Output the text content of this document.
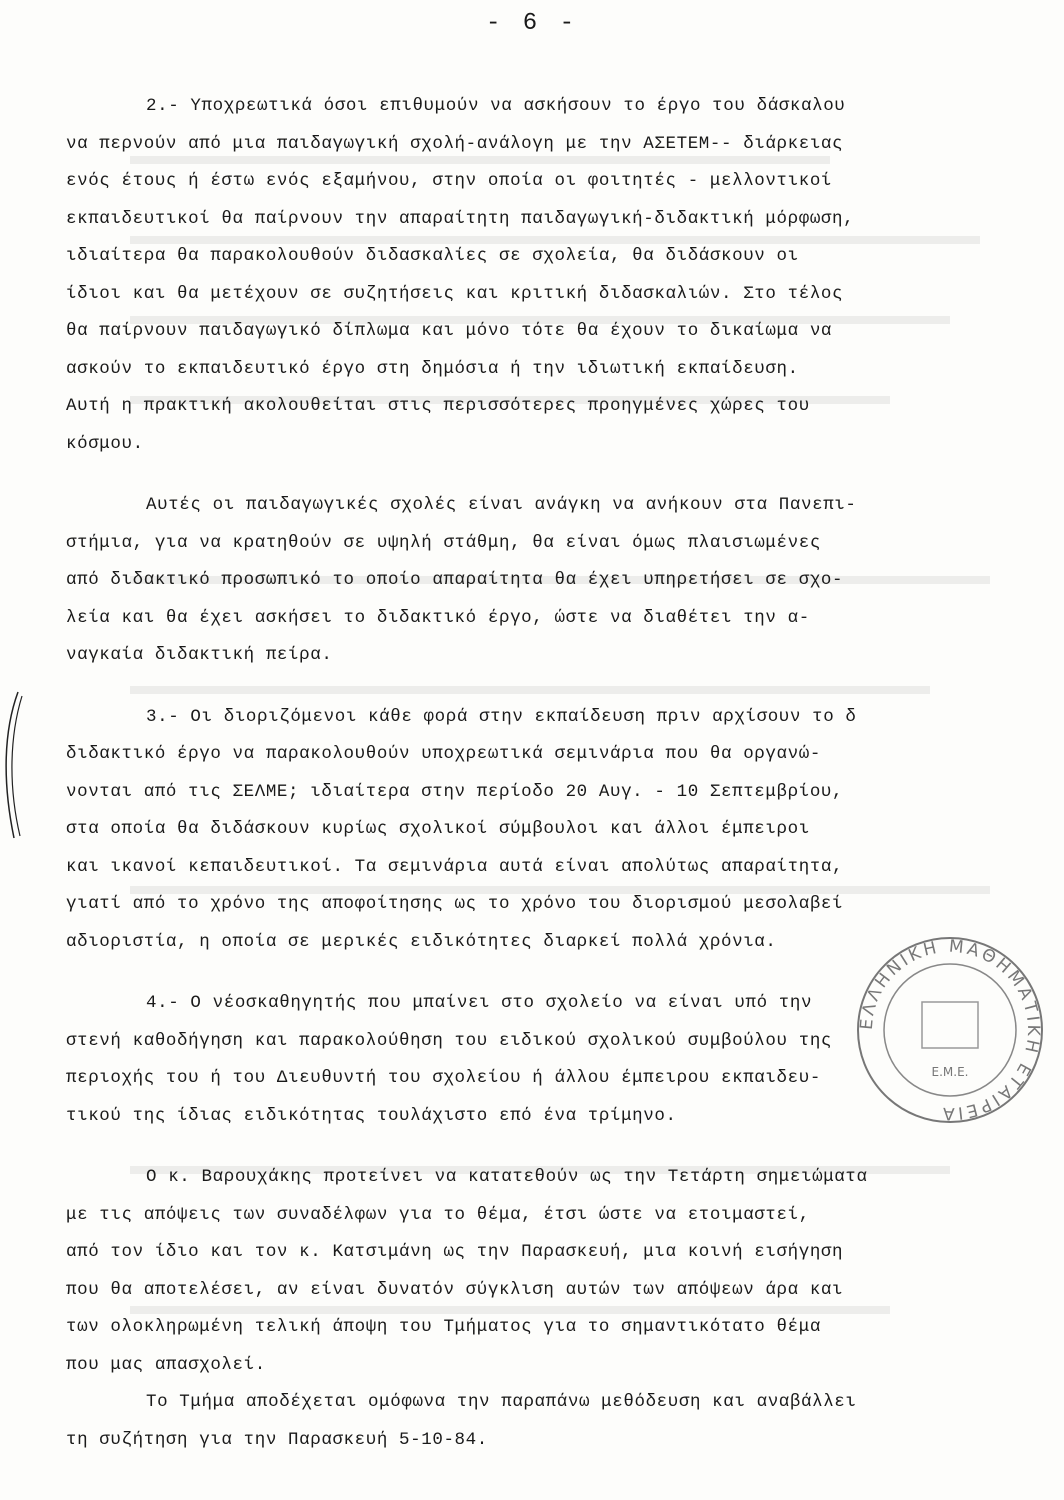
- 6 -

2.- Υποχρεωτικά όσοι επιθυμούν να ασκήσουν το έργο του δάσκαλου
να περνούν από μια παιδαγωγική σχολή-ανάλογη με την ΑΣΕΤΕΜ-- διάρκειας
ενός έτους ή έστω ενός εξαμήνου, στην οποία οι φοιτητές - μελλοντικοί
εκπαιδευτικοί θα παίρνουν την απαραίτητη παιδαγωγική-διδακτική μόρφωση,
ιδιαίτερα θα παρακολουθούν διδασκαλίες σε σχολεία, θα διδάσκουν οι
ίδιοι και θα μετέχουν σε συζητήσεις και κριτική διδασκαλιών. Στο τέλος
θα παίρνουν παιδαγωγικό δίπλωμα και μόνο τότε θα έχουν το δικαίωμα να
ασκούν το εκπαιδευτικό έργο στη δημόσια ή την ιδιωτική εκπαίδευση.
Αυτή η πρακτική ακολουθείται στις περισσότερες προηγμένες χώρες του
κόσμου.

Αυτές οι παιδαγωγικές σχολές είναι ανάγκη να ανήκουν στα Πανεπι-
στήμια, για να κρατηθούν σε υψηλή στάθμη, θα είναι όμως πλαισιωμένες
από διδακτικό προσωπικό το οποίο απαραίτητα θα έχει υπηρετήσει σε σχο-
λεία και θα έχει ασκήσει το διδακτικό έργο, ώστε να διαθέτει την α-
ναγκαία διδακτική πείρα.

3.- Οι διοριζόμενοι κάθε φορά στην εκπαίδευση πριν αρχίσουν το δ
διδακτικό έργο να παρακολουθούν υποχρεωτικά σεμινάρια που θα οργανώ-
νονται από τις ΣΕΛΜΕ; ιδιαίτερα στην περίοδο 20 Αυγ. - 10 Σεπτεμβρίου,
στα οποία θα διδάσκουν κυρίως σχολικοί σύμβουλοι και άλλοι έμπειροι
και ικανοί κεπαιδευτικοί. Τα σεμινάρια αυτά είναι απολύτως απαραίτητα,
γιατί από το χρόνο της αποφοίτησης ως το χρόνο του διορισμού μεσολαβεί
αδιοριστία, η οποία σε μερικές ειδικότητες διαρκεί πολλά χρόνια.

4.- Ο νέοσκαθηγητής που μπαίνει στο σχολείο να είναι υπό την
στενή καθοδήγηση και παρακολούθηση του ειδικού σχολικού συμβούλου της
περιοχής του ή του Διευθυντή του σχολείου ή άλλου έμπειρου εκπαιδευ-
τικού της ίδιας ειδικότητας τουλάχιστο επό ένα τρίμηνο.

Ο κ. Βαρουχάκης προτείνει να κατατεθούν ως την Τετάρτη σημειώματα
με τις απόψεις των συναδέλφων για το θέμα, έτσι ώστε να ετοιμαστεί,
από τον ίδιο και τον κ. Κατσιμάνη ως την Παρασκευή, μια κοινή εισήγηση
που θα αποτελέσει, αν είναι δυνατόν σύγκλιση αυτών των απόψεων άρα και
των ολοκληρωμένη τελική άποψη του Τμήματος για το σημαντικότατο θέμα
που μας απασχολεί.

Το Τμήμα αποδέχεται ομόφωνα την παραπάνω μεθόδευση και αναβάλλει
τη συζήτηση για την Παρασκευή 5-10-84.

ΕΛΛΗΝΙΚΗ ΜΑΘΗΜΑΤΙΚΗ ΕΤΑΙΡΕΙΑ
Ε.Μ.Ε.
